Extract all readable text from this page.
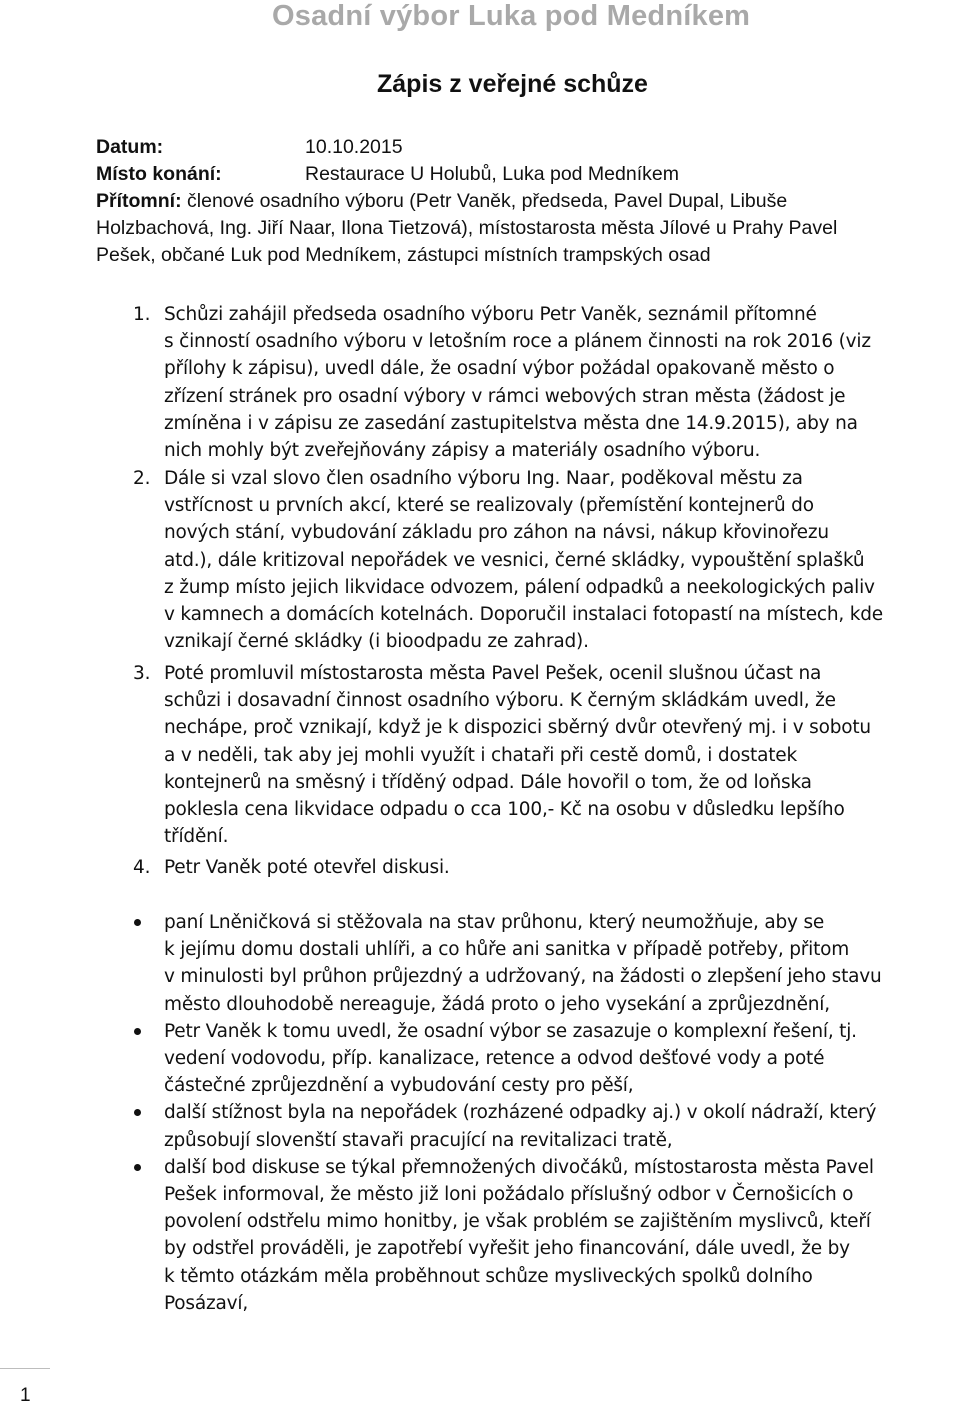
Osadní výbor Luka pod Medníkem
Zápis z veřejné schůze
Datum:	10.10.2015
Místo konání:	Restaurace U Holubů, Luka pod Medníkem
Přítomní: členové osadního výboru (Petr Vaněk, předseda, Pavel Dupal, Libuše
Holzbachová, Ing. Jiří Naar, Ilona Tietzová), místostarosta města Jílové u Prahy Pavel
Pešek, občané Luk pod Medníkem, zástupci místních trampských osad
1. Schůzi zahájil předseda osadního výboru Petr Vaněk, seznámil přítomné
s činností osadního výboru v letošním roce a plánem činnosti na rok 2016 (viz
přílohy k zápisu), uvedl dále, že osadní výbor požádal opakovaně město o
zřízení stránek pro osadní výbory v rámci webových stran města (žádost je
zmíněna i v zápisu ze zasedání zastupitelstva města dne 14.9.2015), aby na
nich mohly být zveřejňovány zápisy a materiály osadního výboru.
2. Dále si vzal slovo člen osadního výboru Ing. Naar, poděkoval městu za
vstřícnost u prvních akcí, které se realizovaly (přemístění kontejnerů do
nových stání, vybudování základu pro záhon na návsi, nákup křovinořezu
atd.), dále kritizoval nepořádek ve vesnici, černé skládky, vypouštění splašků
z žump místo jejich likvidace odvozem, pálení odpadků a neekologických paliv
v kamnech a domácích kotelnách. Doporučil instalaci fotopastí na místech, kde
vznikají černé skládky (i bioodpadu ze zahrad).
3. Poté promluvil místostarosta města Pavel Pešek, ocenil slušnou účast na
schůzi i dosavadní činnost osadního výboru. K černým skládkám uvedl, že
nechápe, proč vznikají, když je k dispozici sběrný dvůr otevřený mj. i v sobotu
a v neděli, tak aby jej mohli využít i chataři při cestě domů, i dostatek
kontejnerů na směsný i tříděný odpad. Dále hovořil o tom, že od loňska
poklesla cena likvidace odpadu o cca 100,- Kč na osobu v důsledku lepšího
třídění.
4. Petr Vaněk poté otevřel diskusi.
paní Lněničková si stěžovala na stav průhonu, který neumožňuje, aby se
k jejímu domu dostali uhlíři, a co hůře ani sanitka v případě potřeby, přitom
v minulosti byl průhon průjezdný a udržovaný, na žádosti o zlepšení jeho stavu
město dlouhodobě nereaguje, žádá proto o jeho vysekání a zprůjezdnění,
Petr Vaněk k tomu uvedl, že osadní výbor se zasazuje o komplexní řešení, tj.
vedení vodovodu, příp. kanalizace, retence a odvod dešťové vody a poté
částečné zprůjezdnění a vybudování cesty pro pěší,
další stížnost byla na nepořádek (rozházené odpadky aj.) v okolí nádraží, který
způsobují slovenští stavaři pracující na revitalizaci tratě,
další bod diskuse se týkal přemnožených divočáků, místostarosta města Pavel
Pešek informoval, že město již loni požádalo příslušný odbor v Černošicích o
povolení odstřelu mimo honitby, je však problém se zajištěním myslivců, kteří
by odstřel prováděli, je zapotřebí vyřešit jeho financování, dále uvedl, že by
k těmto otázkám měla proběhnout schůze mysliveckých spolků dolního
Posázaví,
1
